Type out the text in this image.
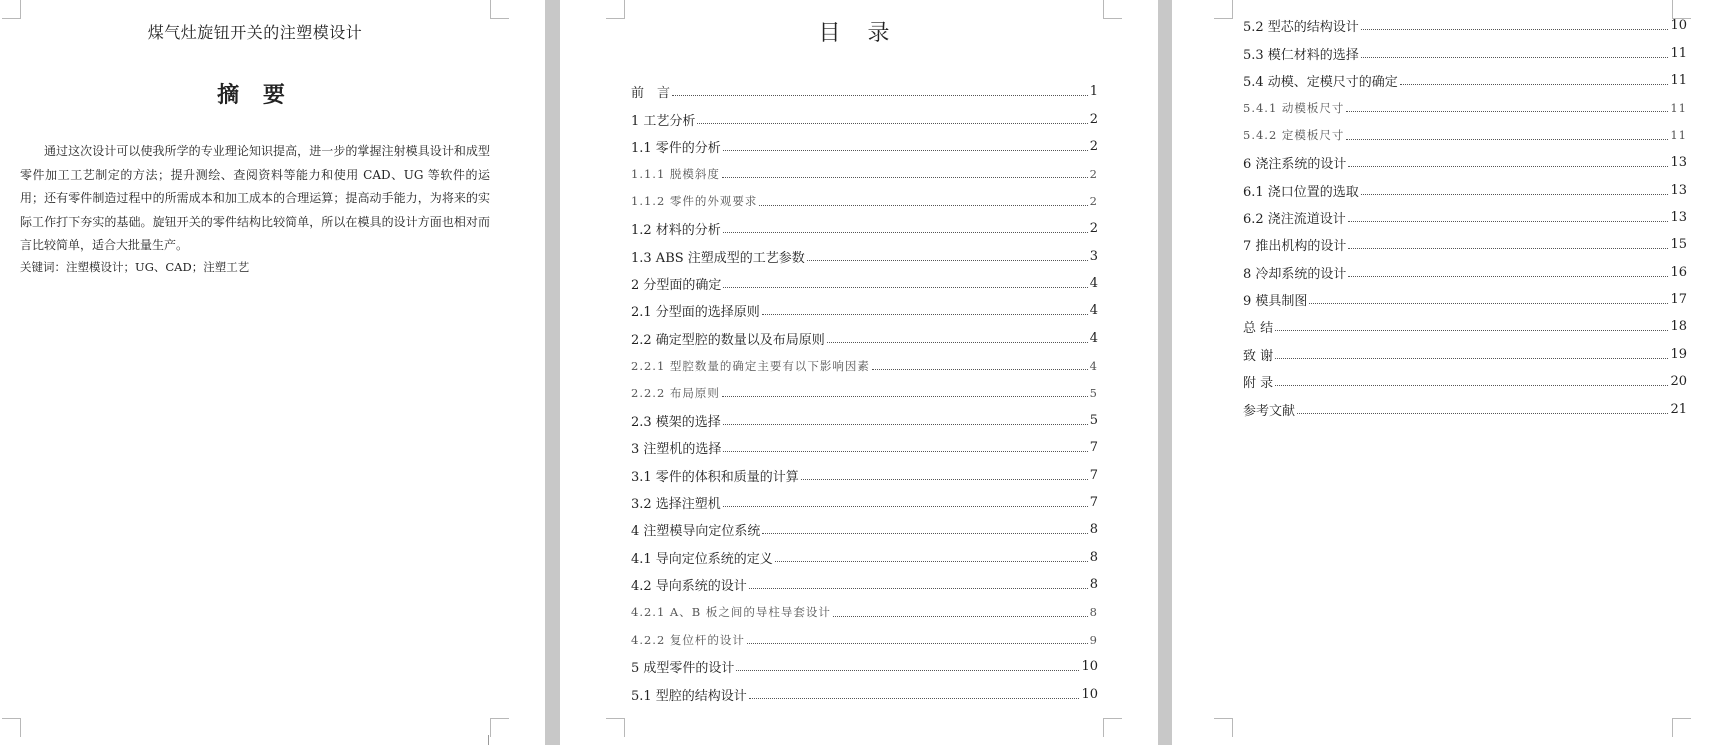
煤气灶旋钮开关的注塑模设计
摘 要

通过这次设计可以使我所学的专业理论知识提高，进一步的掌握注射模具设计和成型零件加工工艺制定的方法；提升测绘、查阅资料等能力和使用 CAD、UG 等软件的运用；还有零件制造过程中的所需成本和加工成本的合理运算；提高动手能力，为将来的实际工作打下夯实的基础。旋钮开关的零件结构比较简单，所以在模具的设计方面也相对而言比较简单，适合大批量生产。

关键词：注塑模设计；UG、CAD；注塑工艺

目 录
前　言	1
1 工艺分析	2
1.1 零件的分析	2
1.1.1 脱模斜度	2
1.1.2 零件的外观要求	2
1.2 材料的分析	2
1.3 ABS 注塑成型的工艺参数	3
2 分型面的确定	4
2.1 分型面的选择原则	4
2.2 确定型腔的数量以及布局原则	4
2.2.1 型腔数量的确定主要有以下影响因素	4
2.2.2 布局原则	5
2.3 模架的选择	5
3 注塑机的选择	7
3.1 零件的体积和质量的计算	7
3.2 选择注塑机	7
4 注塑模导向定位系统	8
4.1 导向定位系统的定义	8
4.2 导向系统的设计	8
4.2.1 A、B 板之间的导柱导套设计	8
4.2.2 复位杆的设计	9
5 成型零件的设计	10
5.1 型腔的结构设计	10
5.2 型芯的结构设计	10
5.3 模仁材料的选择	11
5.4 动模、定模尺寸的确定	11
5.4.1 动模板尺寸	11
5.4.2 定模板尺寸	11
6 浇注系统的设计	13
6.1 浇口位置的选取	13
6.2 浇注流道设计	13
7 推出机构的设计	15
8 冷却系统的设计	16
9 模具制图	17
总 结	18
致 谢	19
附 录	20
参考文献	21
